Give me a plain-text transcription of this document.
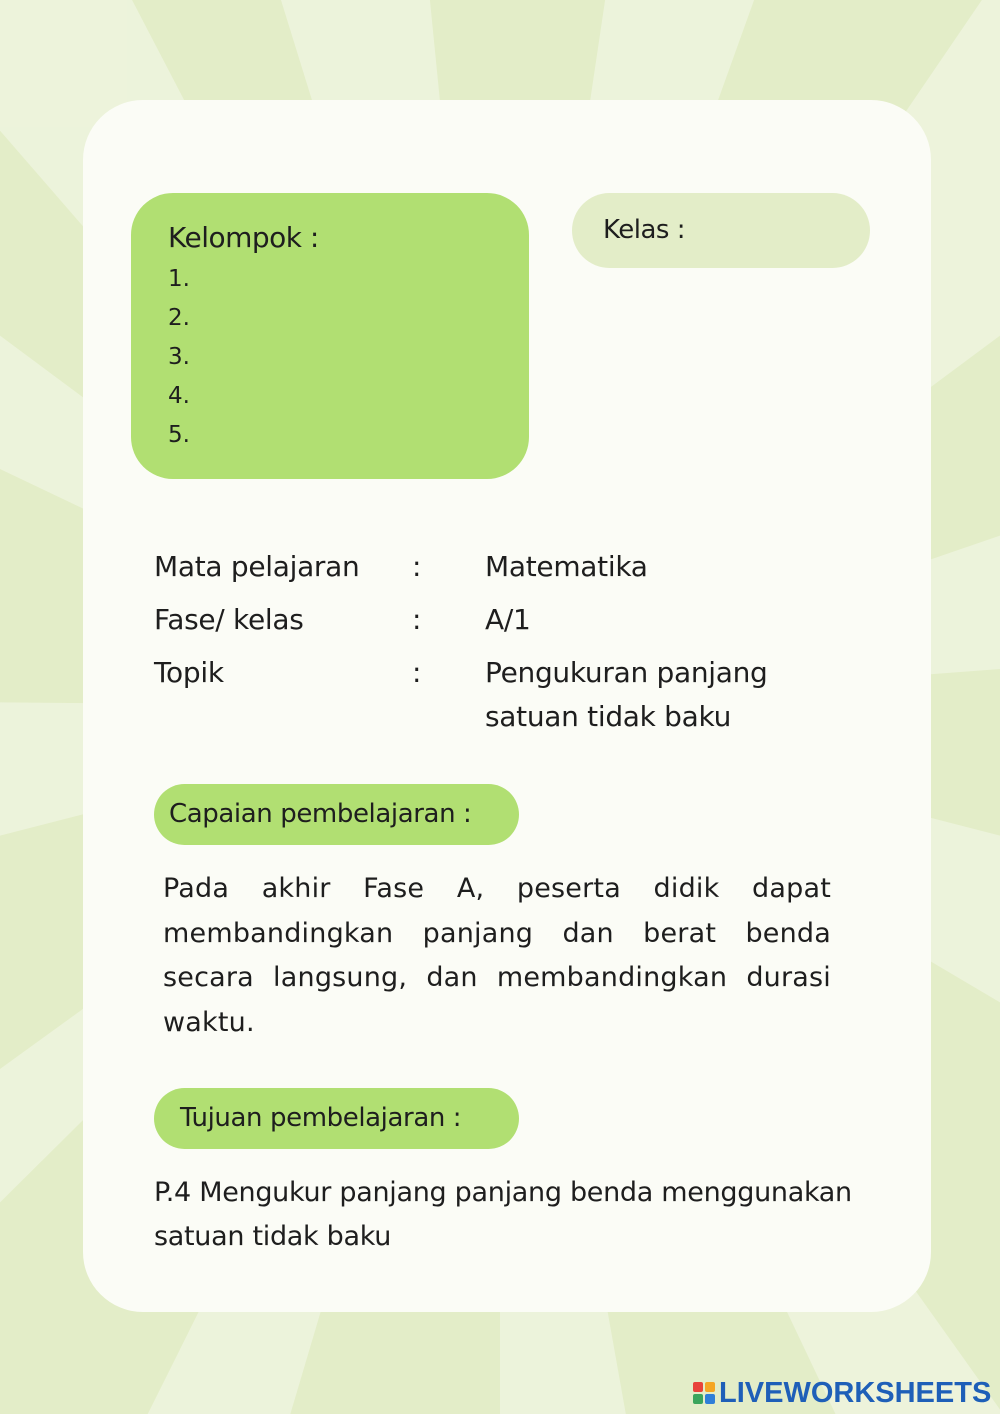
Kelompok :
1.
2.
3.
4.
5.
Kelas :
Mata pelajaran	:	Matematika
Fase/ kelas	:	A/1
Topik	:	Pengukuran panjang satuan tidak baku
Capaian pembelajaran :

Pada akhir Fase A, peserta didik dapat membandingkan panjang dan berat benda secara langsung, dan membandingkan durasi waktu.

Tujuan pembelajaran :

P.4 Mengukur panjang panjang benda menggunakan satuan tidak baku

LIVEWORKSHEETS
